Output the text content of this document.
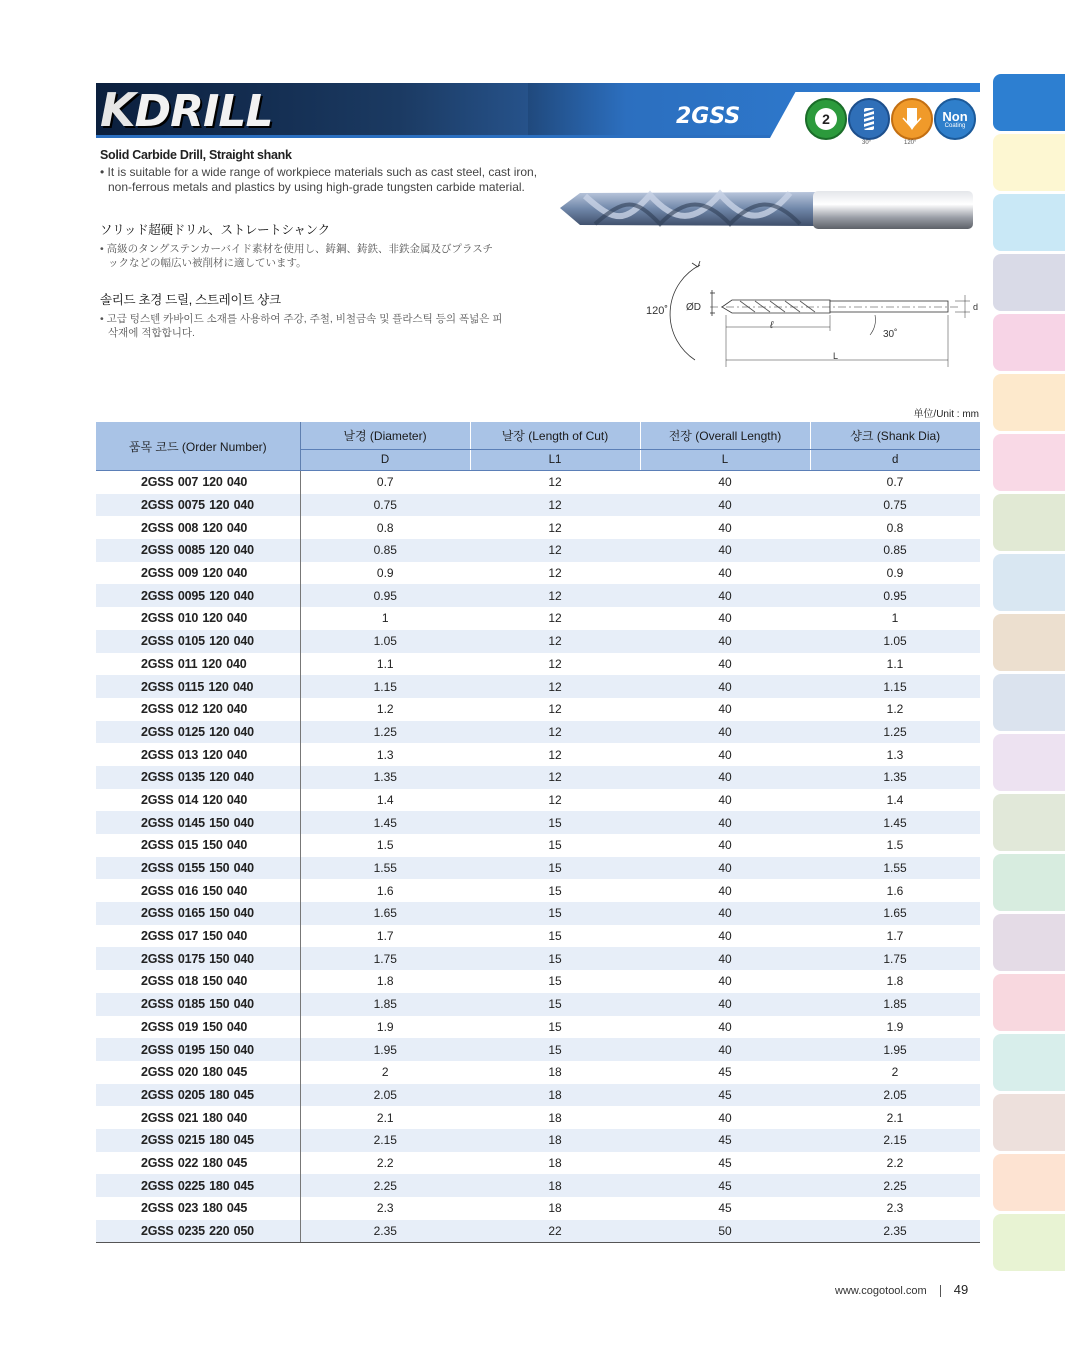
KDRILL	2GSS	2	Non
Coating
30°	120°
Solid Carbide Drill, Straight shank
• It is suitable for a wide range of workpiece materials such as cast steel, cast iron,
non-ferrous metals and plastics by using high-grade tungsten carbide material.
ソリッド超硬ドリル、ストレートシャンク
• 高級のタングステンカーバイド素材を使用し、鋳鋼、鋳鉄、非鉄金属及びプラスチ
ックなどの幅広い被削材に適しています。
솔리드 초경 드릴, 스트레이트 샹크
• 고급 텅스텐 카바이드 소재를 사용하여 주강, 주철, 비철금속 및 플라스틱 등의 폭넓은 피
삭재에 적합합니다.
120˚ ØD
ℓ
L
d
30˚
单位/Unit : mm
품목 코드 (Order Number)	날경 (Diameter)	날장 (Length of Cut)	전장 (Overall Length)	샹크 (Shank Dia)
	D	L1	L	d
2GSS 007 120 040	0.7	12	40	0.7
2GSS 0075 120 040	0.75	12	40	0.75
2GSS 008 120 040	0.8	12	40	0.8
2GSS 0085 120 040	0.85	12	40	0.85
2GSS 009 120 040	0.9	12	40	0.9
2GSS 0095 120 040	0.95	12	40	0.95
2GSS 010 120 040	1	12	40	1
2GSS 0105 120 040	1.05	12	40	1.05
2GSS 011 120 040	1.1	12	40	1.1
2GSS 0115 120 040	1.15	12	40	1.15
2GSS 012 120 040	1.2	12	40	1.2
2GSS 0125 120 040	1.25	12	40	1.25
2GSS 013 120 040	1.3	12	40	1.3
2GSS 0135 120 040	1.35	12	40	1.35
2GSS 014 120 040	1.4	12	40	1.4
2GSS 0145 150 040	1.45	15	40	1.45
2GSS 015 150 040	1.5	15	40	1.5
2GSS 0155 150 040	1.55	15	40	1.55
2GSS 016 150 040	1.6	15	40	1.6
2GSS 0165 150 040	1.65	15	40	1.65
2GSS 017 150 040	1.7	15	40	1.7
2GSS 0175 150 040	1.75	15	40	1.75
2GSS 018 150 040	1.8	15	40	1.8
2GSS 0185 150 040	1.85	15	40	1.85
2GSS 019 150 040	1.9	15	40	1.9
2GSS 0195 150 040	1.95	15	40	1.95
2GSS 020 180 045	2	18	45	2
2GSS 0205 180 045	2.05	18	45	2.05
2GSS 021 180 040	2.1	18	40	2.1
2GSS 0215 180 045	2.15	18	45	2.15
2GSS 022 180 045	2.2	18	45	2.2
2GSS 0225 180 045	2.25	18	45	2.25
2GSS 023 180 045	2.3	18	45	2.3
2GSS 0235 220 050	2.35	22	50	2.35
www.cogotool.com 49
